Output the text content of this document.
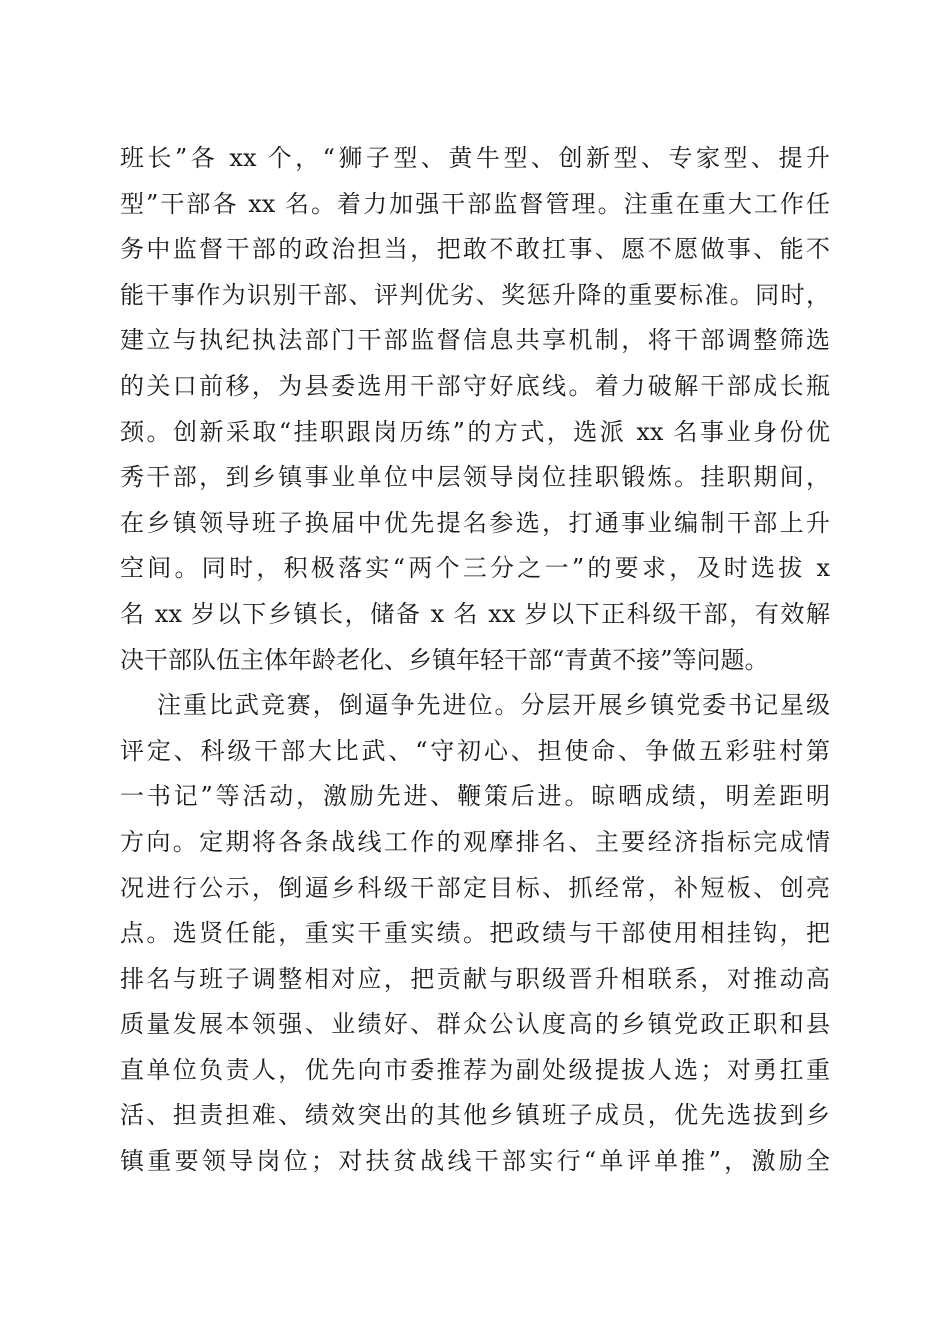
班长”各 xx 个，“狮子型、黄牛型、创新型、专家型、提升
型”干部各 xx 名。着力加强干部监督管理。注重在重大工作任
务中监督干部的政治担当，把敢不敢扛事、愿不愿做事、能不
能干事作为识别干部、评判优劣、奖惩升降的重要标准。同时，
建立与执纪执法部门干部监督信息共享机制，将干部调整筛选
的关口前移，为县委选用干部守好底线。着力破解干部成长瓶
颈。创新采取“挂职跟岗历练”的方式，选派 xx 名事业身份优
秀干部，到乡镇事业单位中层领导岗位挂职锻炼。挂职期间，
在乡镇领导班子换届中优先提名参选，打通事业编制干部上升
空间。同时，积极落实“两个三分之一”的要求，及时选拔 x
名 xx 岁以下乡镇长，储备 x 名 xx 岁以下正科级干部，有效解
决干部队伍主体年龄老化、乡镇年轻干部“青黄不接”等问题。
注重比武竞赛，倒逼争先进位。分层开展乡镇党委书记星级
评定、科级干部大比武、“守初心、担使命、争做五彩驻村第
一书记”等活动，激励先进、鞭策后进。晾晒成绩，明差距明
方向。定期将各条战线工作的观摩排名、主要经济指标完成情
况进行公示，倒逼乡科级干部定目标、抓经常，补短板、创亮
点。选贤任能，重实干重实绩。把政绩与干部使用相挂钩，把
排名与班子调整相对应，把贡献与职级晋升相联系，对推动高
质量发展本领强、业绩好、群众公认度高的乡镇党政正职和县
直单位负责人，优先向市委推荐为副处级提拔人选；对勇扛重
活、担责担难、绩效突出的其他乡镇班子成员，优先选拔到乡
镇重要领导岗位；对扶贫战线干部实行“单评单推”，激励全
